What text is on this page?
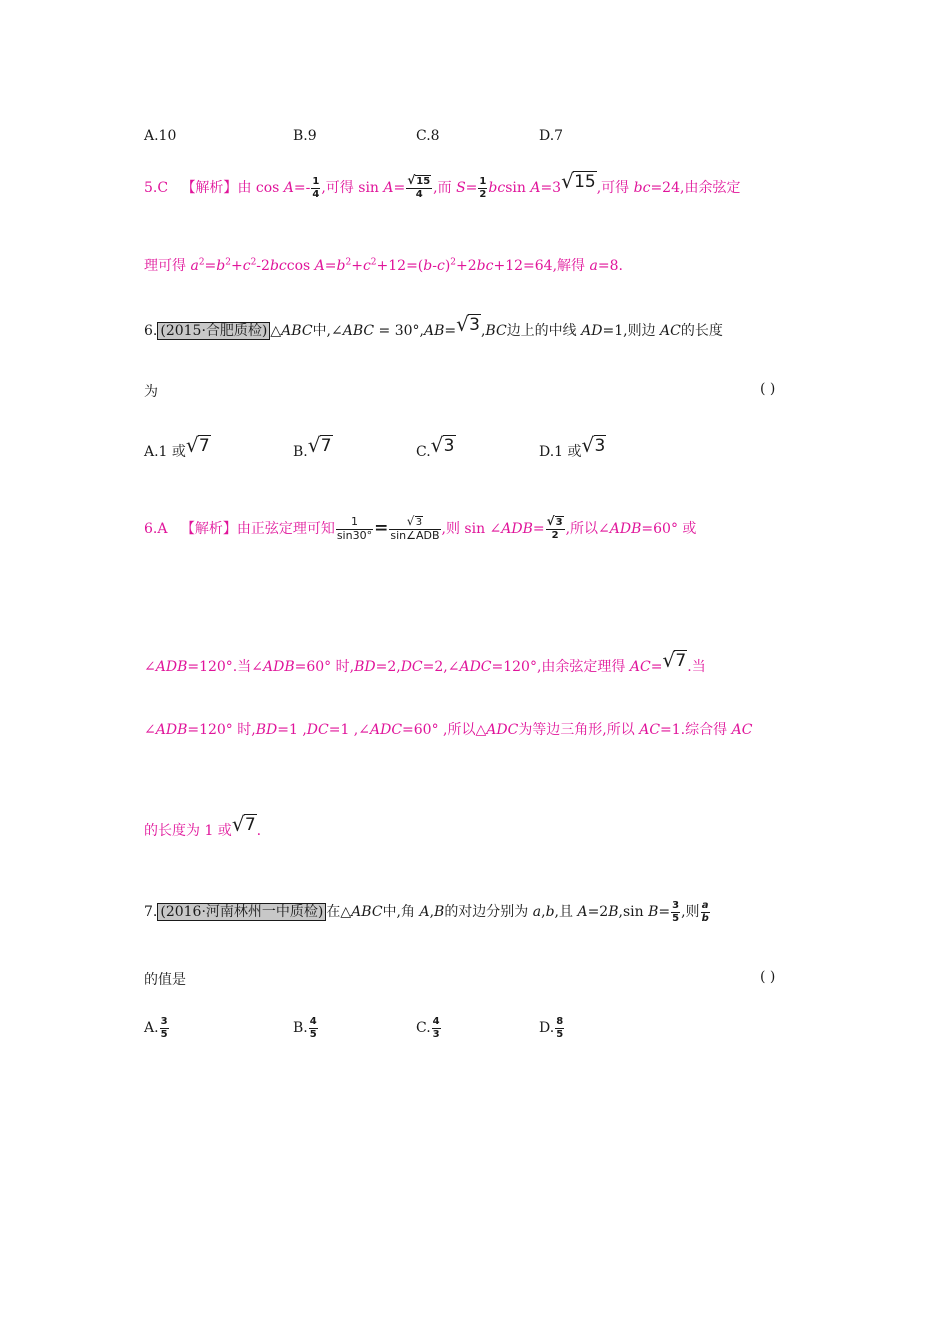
A.10	B.9	C.8	D.7
5.C 【解析】由 $\cos A=- \frac{1}{4}$ ,可得 sin A= √ $\frac{15}{4}$ ,而 $S= \frac{1}{2}$ bcsin A=3 √ 15,可得 bc=24,由余弦定
理可得 $a^2=b^2+c^2-2bccos$ $A=b^2+c^2+12=(b-c)^2+2bc+12=64$,解得 a=8.
6. (2015·合肥质检) △ABC中,∠ABC = 30°,AB= √ 3,BC边上的中线 AD=1,则边 AC的长度
为	( )
A.1 或 √ 7	B. √ 7	C. √ 3	D.1 或 √ 3
6.A 【解析】由正弦定理可知 $\frac{1}{\sin 30^\circ}$ = √ $\frac{3}{\text{sin∠ADB}}$ ,则 sin ∠ADB= √ $\frac{3}{2}$ ,所以∠ADB=60° 或
∠ADB=120°.当∠ADB=60° 时,BD=2,DC=2,∠ADC=120°,由余弦定理得 AC= √ 7.当
∠ADB=120° 时,BD=1 ,DC=1 ,∠ADC=60° ,所以△ADC为等边三角形,所以 AC=1.综合得 AC
的长度为 1 或 √ 7.
7. (2016·河南林州一中质检) 在△ABC中,角 A,B的对边分别为 a,b,且 A=2B,sin $B= \frac{3}{5}$ ,则 $\frac{a}{b}$
的值是	( )
A. $\frac{3}{5}$	B. $\frac{4}{5}$	C. $\frac{4}{3}$	D. $\frac{8}{5}$
